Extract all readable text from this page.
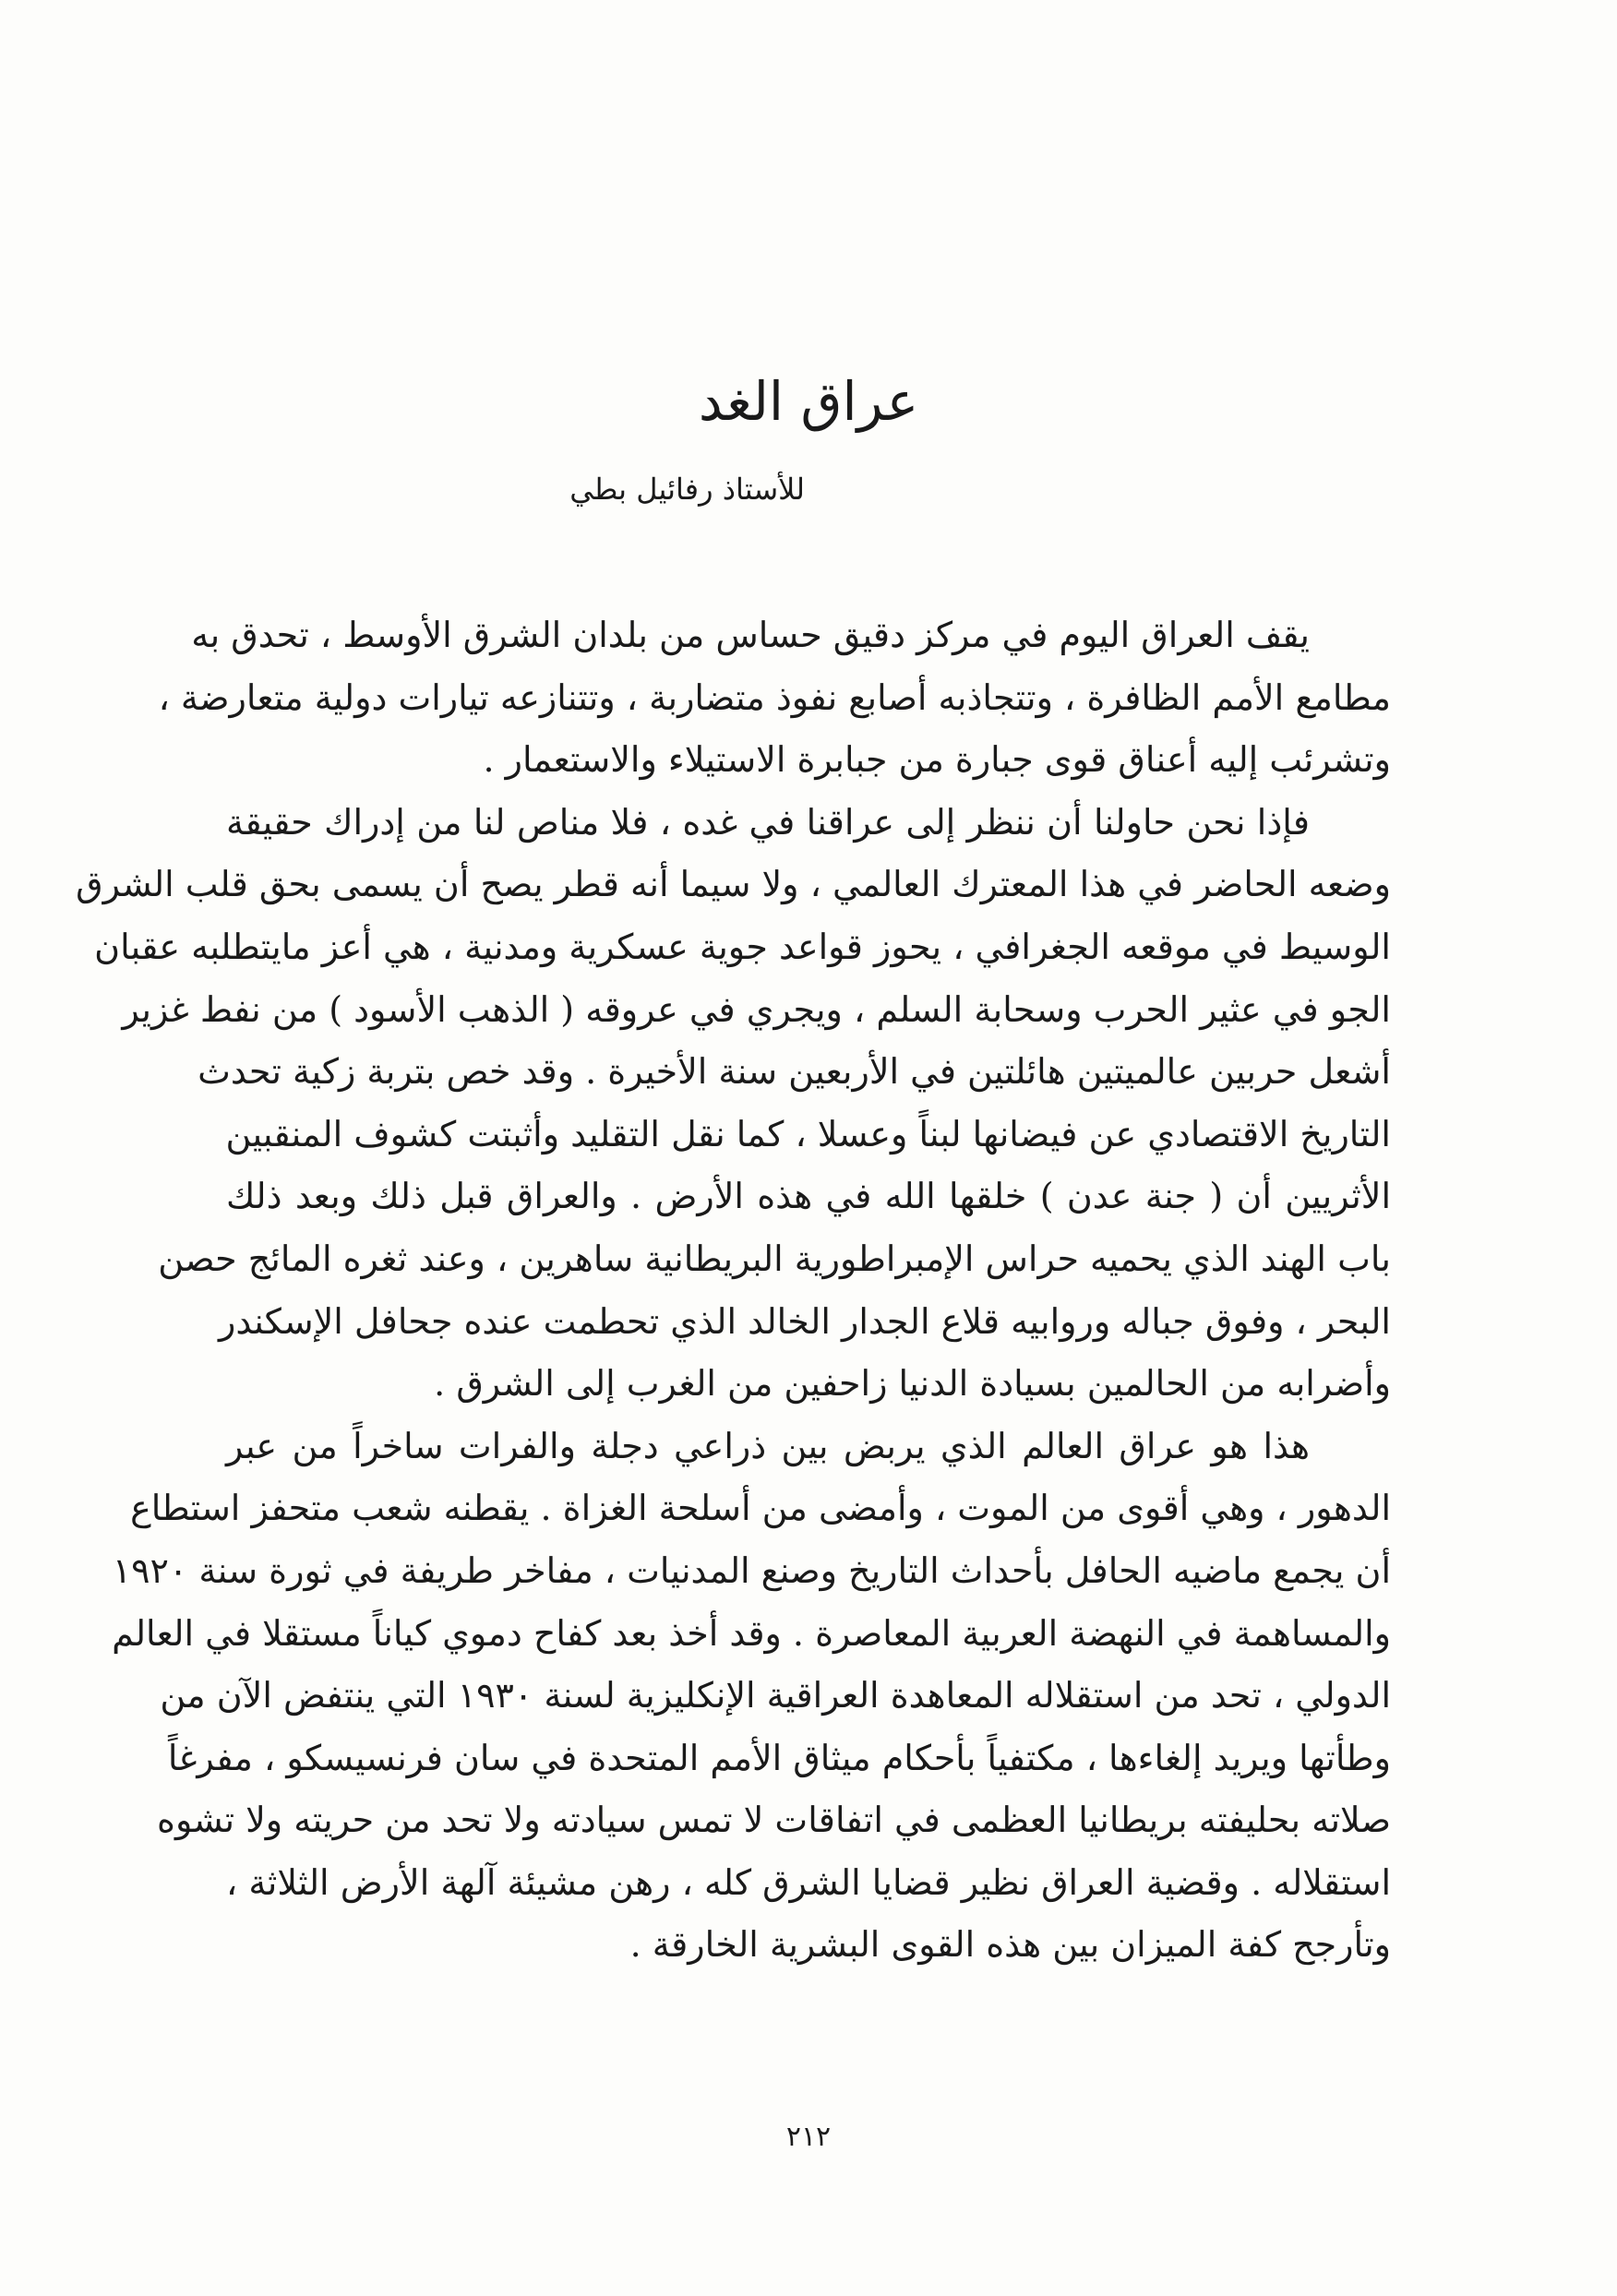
عراق الغد

للأستاذ رفائيل بطي

يقف العراق اليوم في مركز دقيق حساس من بلدان الشرق الأوسط ، تحدق به
مطامع الأمم الظافرة ، وتتجاذبه أصابع نفوذ متضاربة ، وتتنازعه تيارات دولية متعارضة ،
وتشرئب إليه أعناق قوى جبارة من جبابرة الاستيلاء والاستعمار .

فإذا نحن حاولنا أن ننظر إلى عراقنا في غده ، فلا مناص لنا من إدراك حقيقة
وضعه الحاضر في هذا المعترك العالمي ، ولا سيما أنه قطر يصح أن يسمى بحق قلب الشرق
الوسيط في موقعه الجغرافي ، يحوز قواعد جوية عسكرية ومدنية ، هي أعز مايتطلبه عقبان
الجو في عثير الحرب وسحابة السلم ، ويجري في عروقه ( الذهب الأسود ) من نفط غزير
أشعل حربين عالميتين هائلتين في الأربعين سنة الأخيرة . وقد خص بتربة زكية تحدث
التاريخ الاقتصادي عن فيضانها لبناً وعسلا ، كما نقل التقليد وأثبتت كشوف المنقبين
الأثريين أن ( جنة عدن ) خلقها الله في هذه الأرض . والعراق قبل ذلك وبعد ذلك
باب الهند الذي يحميه حراس الإمبراطورية البريطانية ساهرين ، وعند ثغره المائج حصن
البحر ، وفوق جباله وروابيه قلاع الجدار الخالد الذي تحطمت عنده جحافل الإسكندر
وأضرابه من الحالمين بسيادة الدنيا زاحفين من الغرب إلى الشرق .

هذا هو عراق العالم الذي يربض بين ذراعي دجلة والفرات ساخراً من عبر
الدهور ، وهي أقوى من الموت ، وأمضى من أسلحة الغزاة . يقطنه شعب متحفز استطاع
أن يجمع ماضيه الحافل بأحداث التاريخ وصنع المدنيات ، مفاخر طريفة في ثورة سنة ١٩٢٠
والمساهمة في النهضة العربية المعاصرة . وقد أخذ بعد كفاح دموي كياناً مستقلا في العالم
الدولي ، تحد من استقلاله المعاهدة العراقية الإنكليزية لسنة ١٩٣٠ التي ينتفض الآن من
وطأتها ويريد إلغاءها ، مكتفياً بأحكام ميثاق الأمم المتحدة في سان فرنسيسكو ، مفرغاً
صلاته بحليفته بريطانيا العظمى في اتفاقات لا تمس سيادته ولا تحد من حريته ولا تشوه
استقلاله . وقضية العراق نظير قضايا الشرق كله ، رهن مشيئة آلهة الأرض الثلاثة ،
وتأرجح كفة الميزان بين هذه القوى البشرية الخارقة .

٢١٢
